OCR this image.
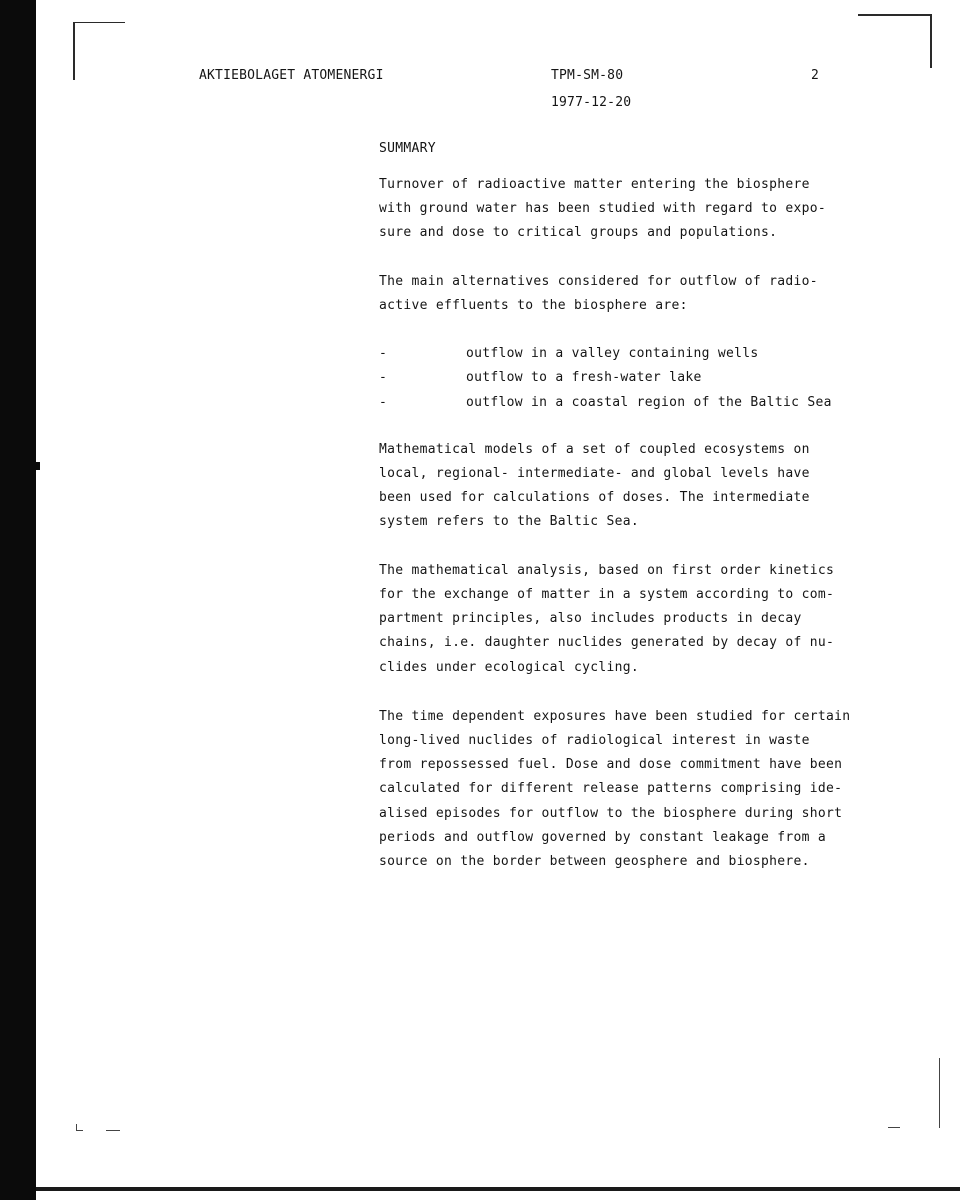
AKTIEBOLAGET ATOMENERGI	TPM-SM-80
1977-12-20
2
SUMMARY
Turnover of radioactive matter entering the biosphere
with ground water has been studied with regard to expo-
sure and dose to critical groups and populations.
The main alternatives considered for outflow of radio-
active effluents to the biosphere are:
-	outflow in a valley containing wells
-	outflow to a fresh-water lake
-	outflow in a coastal region of the Baltic Sea
Mathematical models of a set of coupled ecosystems on
local, regional- intermediate- and global levels have
been used for calculations of doses. The intermediate
system refers to the Baltic Sea.
The mathematical analysis, based on first order kinetics
for the exchange of matter in a system according to com-
partment principles, also includes products in decay
chains, i.e. daughter nuclides generated by decay of nu-
clides under ecological cycling.
The time dependent exposures have been studied for certain
long-lived nuclides of radiological interest in waste
from repossessed fuel. Dose and dose commitment have been
calculated for different release patterns comprising ide-
alised episodes for outflow to the biosphere during short
periods and outflow governed by constant leakage from a
source on the border between geosphere and biosphere.
